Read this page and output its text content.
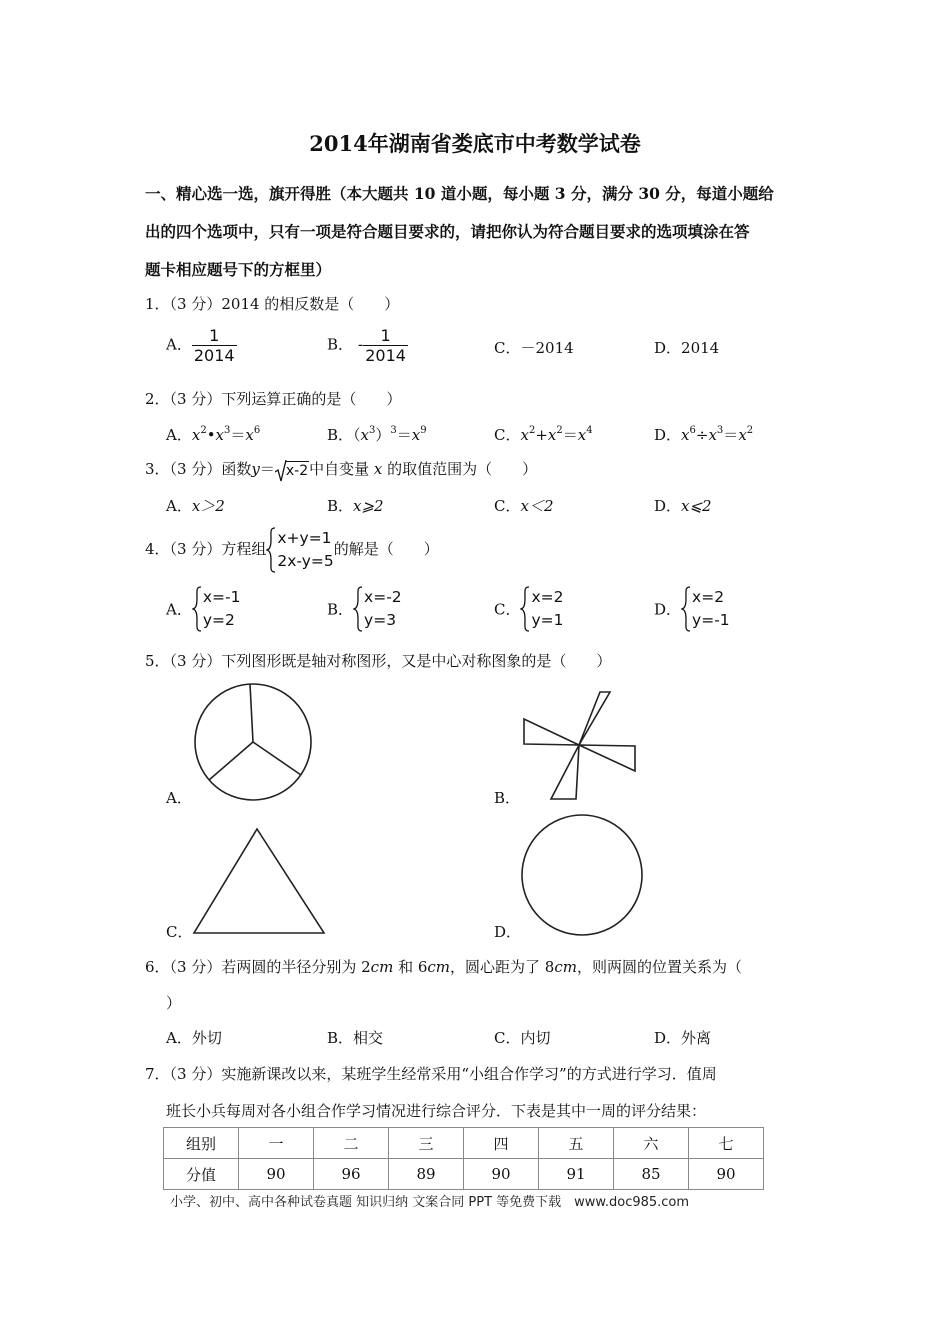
2014年湖南省娄底市中考数学试卷
一、精心选一选，旗开得胜（本大题共 10 道小题，每小题 3 分，满分 30 分，每道小题给
出的四个选项中，只有一项是符合题目要求的，请把你认为符合题目要求的选项填涂在答
题卡相应题号下的方框里）
1．（3 分）2014 的相反数是（　　）
A． $\frac{1}{2014}$	B． - $\frac{1}{2014}$	C．－2014	D．2014
2．（3 分）下列运算正确的是（　　）
A．$x^2•x^3=x^6$	B．$(x^3)^3=x^9$	C．$x^2+x^2=x^4$	D．$x^6\div x^3=x^2$
3．（3 分）函数y＝ x-2中自变量 x 的取值范围为（　　）
A．x＞2	B．x⩾2	C．x＜2	D．x⩽2
4．（3 分）方程组
x+y=1
2x-y=5
的解是（　　）
A．
x=-1
y=2
B．
x=-2
y=3
C．
x=2
y=1
D．
x=2
y=-1
5．（3 分）下列图形既是轴对称图形，又是中心对称图象的是（　　）
A．	B．
C．	D．
6．（3 分）若两圆的半径分别为 2cm 和 6cm，圆心距为了 8cm，则两圆的位置关系为（
）
A．外切	B．相交	C．内切	D．外离
7．（3 分）实施新课改以来，某班学生经常采用“小组合作学习”的方式进行学习．值周
班长小兵每周对各小组合作学习情况进行综合评分．下表是其中一周的评分结果：
组别	一	二	三	四	五	六	七
分值	90	96	89	90	91	85	90
小学、初中、高中各种试卷真题 知识归纳 文案合同 PPT 等免费下载　www.doc985.com
